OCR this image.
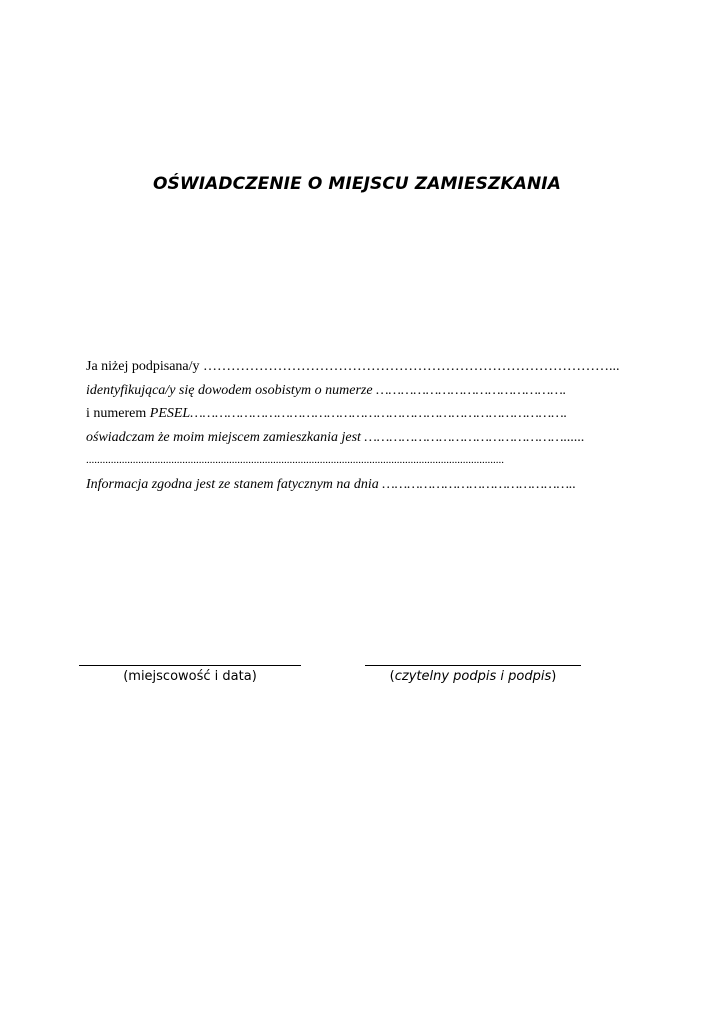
OŚWIADCZENIE O MIEJSCU ZAMIESZKANIA
Ja niżej podpisana/y ……………………………………………………………………………...
identyfikująca/y się dowodem osobistym o numerze ……………………………………….
i numerem PESEL……………………………………………………………………………….
oświadczam że moim miejscem zamieszkania jest …………………………………………......
........................................................................................................................................................
Informacja zgodna jest ze stanem fatycznym na dnia ………………………………………..
(miejscowość i data)	(czytelny podpis i podpis)
